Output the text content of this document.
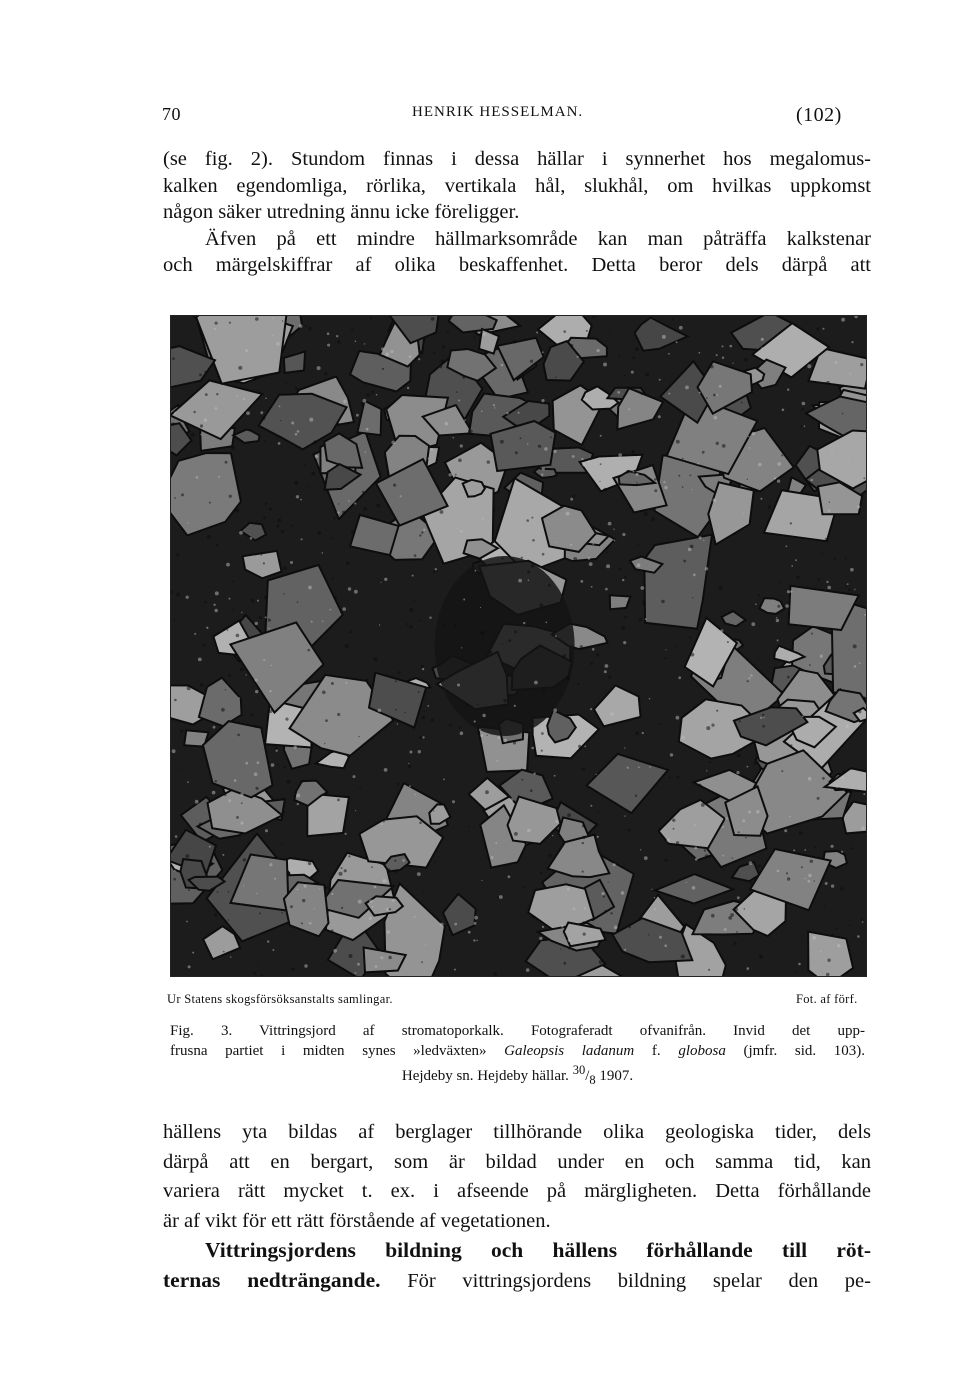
70	HENRIK HESSELMAN.	(102)
(se fig. 2). Stundom finnas i dessa hällar i synnerhet hos megalomus-
kalken egendomliga, rörlika, vertikala hål, slukhål, om hvilkas uppkomst
någon säker utredning ännu icke föreligger.
Äfven på ett mindre hällmarksområde kan man påträffa kalkstenar
och märgelskiffrar af olika beskaffenhet. Detta beror dels därpå att
Ur Statens skogsförsöksanstalts samlingar.	Fot. af förf.
Fig. 3. Vittringsjord af stromatoporkalk. Fotograferadt ofvanifrån. Invid det upp-
frusna partiet i midten synes »ledväxten» Galeopsis ladanum f. globosa (jmfr. sid. 103).
Hejdeby sn. Hejdeby hällar. $^{30}/_8$ 1907.
hällens yta bildas af berglager tillhörande olika geologiska tider, dels
därpå att en bergart, som är bildad under en och samma tid, kan
variera rätt mycket t. ex. i afseende på märgligheten. Detta förhållande
är af vikt för ett rätt förstående af vegetationen.
Vittringsjordens bildning och hällens förhållande till röt-
ternas nedträngande. För vittringsjordens bildning spelar den pe-
